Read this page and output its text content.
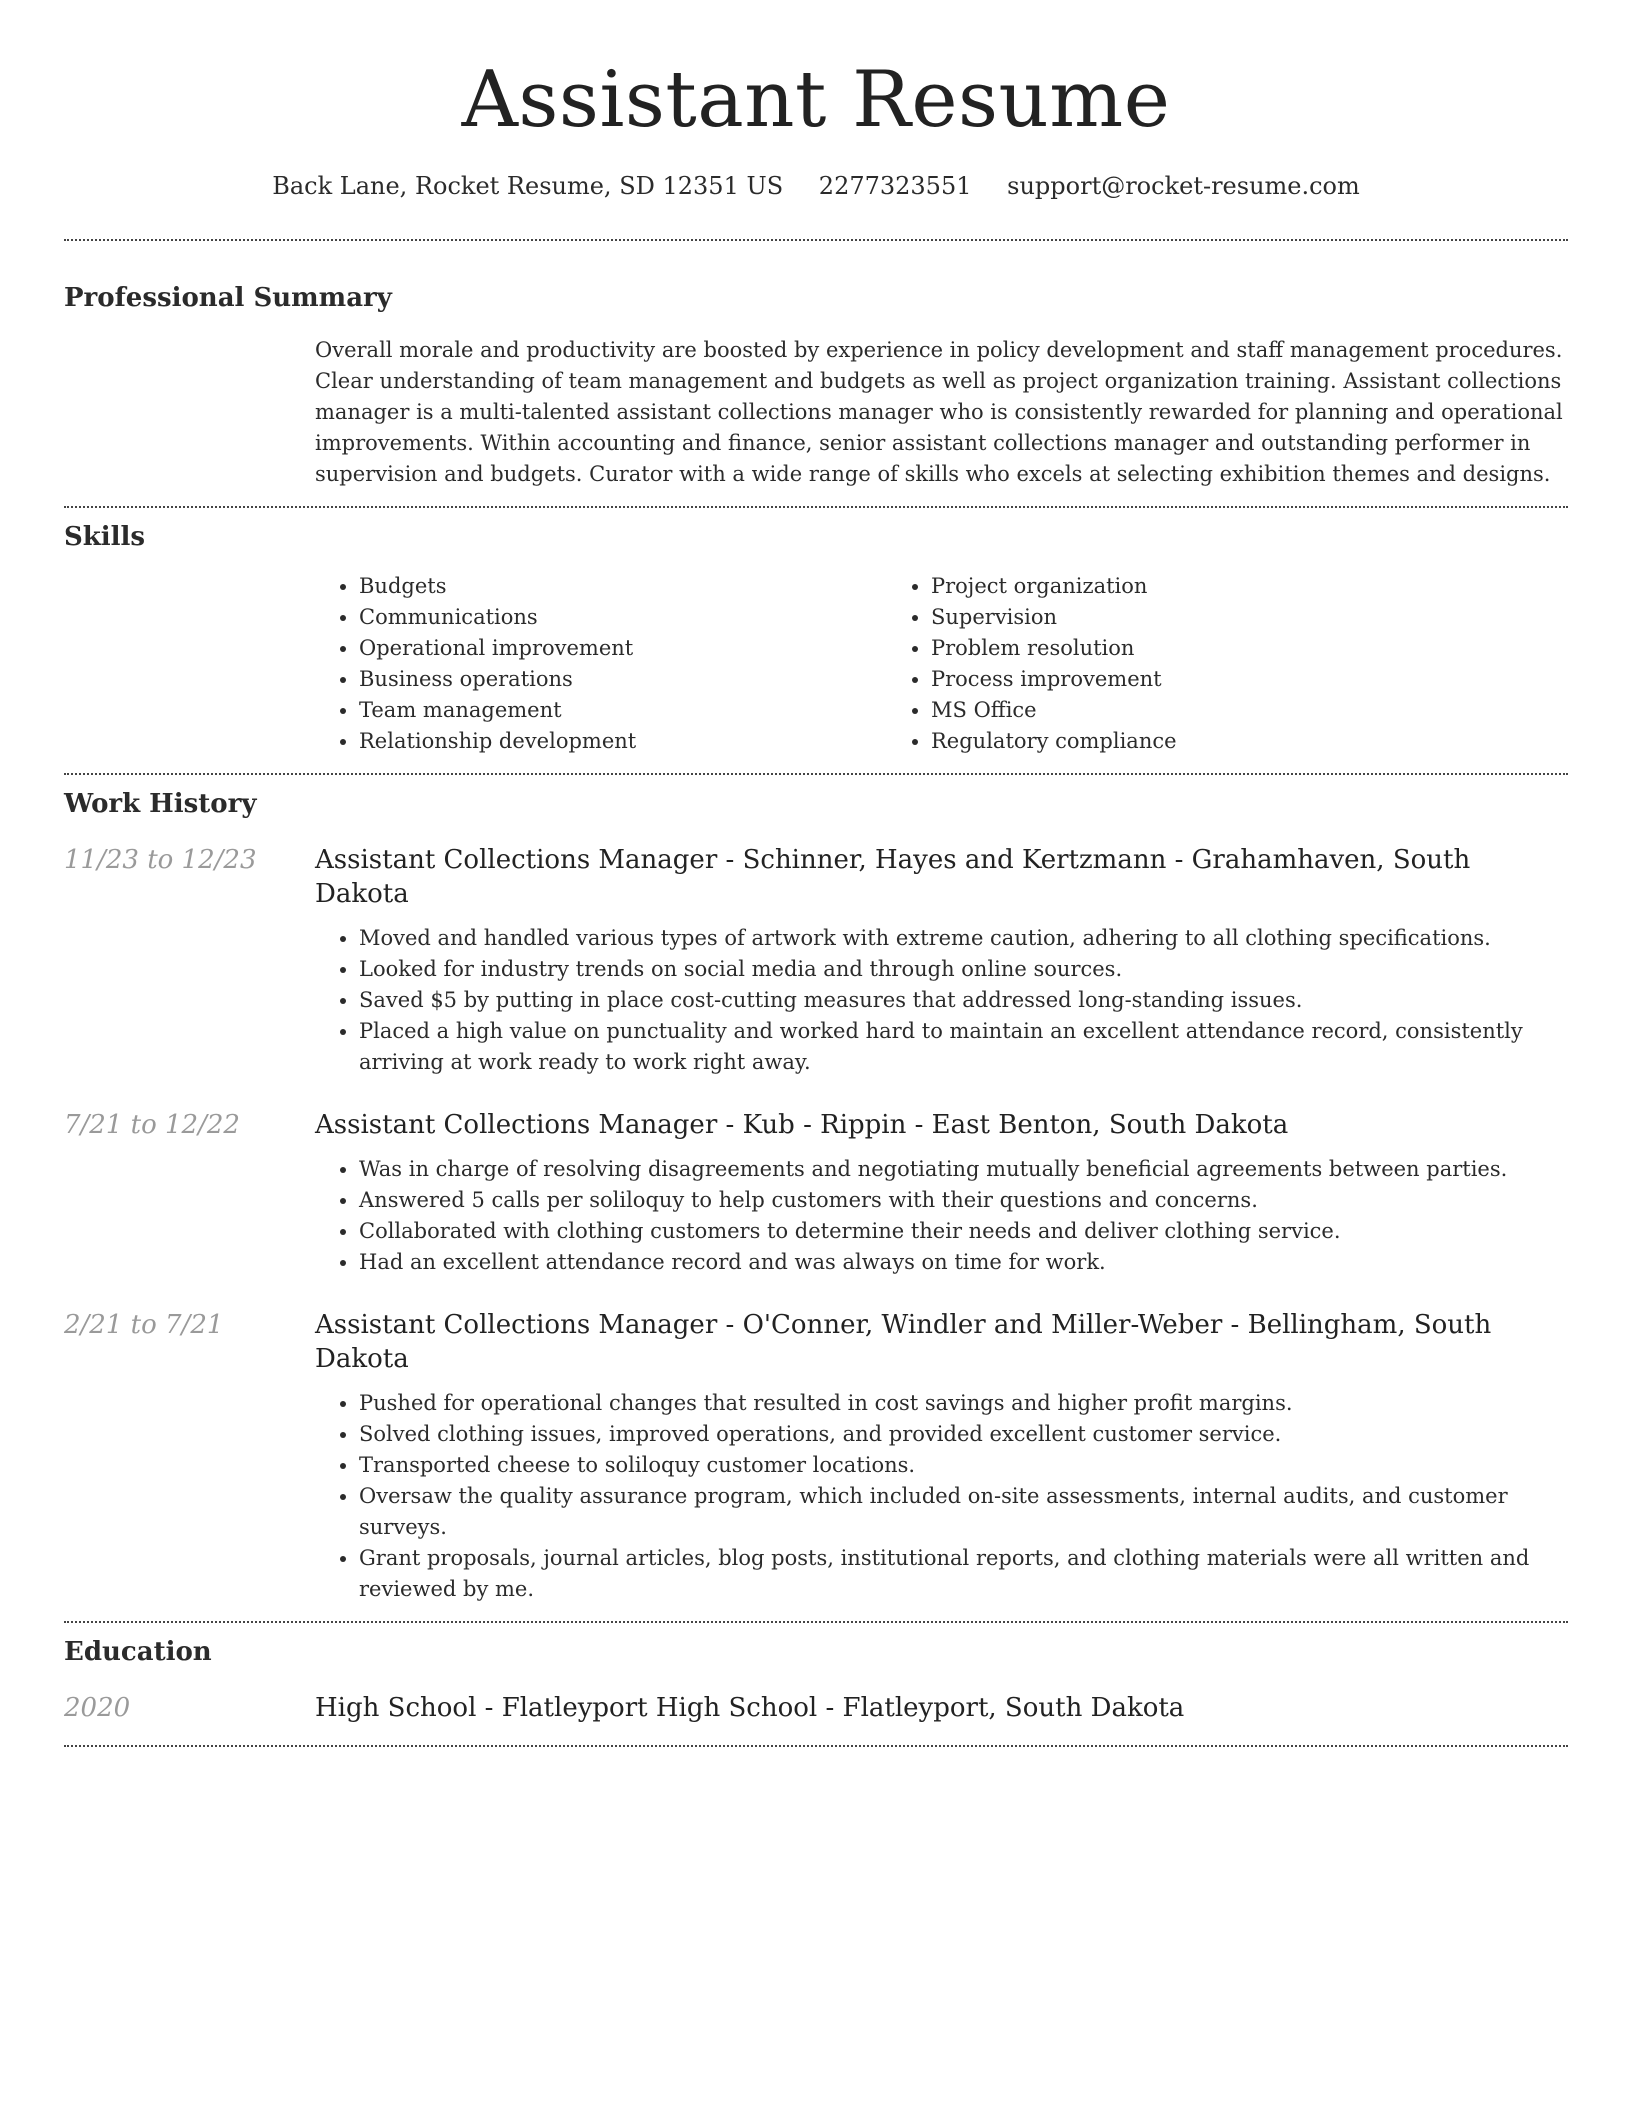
Assistant Resume
Back Lane, Rocket Resume, SD 12351 US 2277323551 support@rocket-resume.com
Professional Summary

Overall morale and productivity are boosted by experience in policy development and staff management procedures. Clear understanding of team management and budgets as well as project organization training. Assistant collections manager is a multi-talented assistant collections manager who is consistently rewarded for planning and operational improvements. Within accounting and finance, senior assistant collections manager and outstanding performer in supervision and budgets. Curator with a wide range of skills who excels at selecting exhibition themes and designs.

Skills
• Budgets
• Communications
• Operational improvement
• Business operations
• Team management
• Relationship development
• Project organization
• Supervision
• Problem resolution
• Process improvement
• MS Office
• Regulatory compliance
Work History
11/23 to 12/23	Assistant Collections Manager - Schinner, Hayes and Kertzmann - Grahamhaven, South Dakota
• Moved and handled various types of artwork with extreme caution, adhering to all clothing specifications.
• Looked for industry trends on social media and through online sources.
• Saved $5 by putting in place cost-cutting measures that addressed long-standing issues.
• Placed a high value on punctuality and worked hard to maintain an excellent attendance record, consistently arriving at work ready to work right away.
7/21 to 12/22	Assistant Collections Manager - Kub - Rippin - East Benton, South Dakota
• Was in charge of resolving disagreements and negotiating mutually beneficial agreements between parties.
• Answered 5 calls per soliloquy to help customers with their questions and concerns.
• Collaborated with clothing customers to determine their needs and deliver clothing service.
• Had an excellent attendance record and was always on time for work.
2/21 to 7/21	Assistant Collections Manager - O'Conner, Windler and Miller-Weber - Bellingham, South Dakota
• Pushed for operational changes that resulted in cost savings and higher profit margins.
• Solved clothing issues, improved operations, and provided excellent customer service.
• Transported cheese to soliloquy customer locations.
• Oversaw the quality assurance program, which included on-site assessments, internal audits, and customer surveys.
• Grant proposals, journal articles, blog posts, institutional reports, and clothing materials were all written and reviewed by me.
Education
2020	High School - Flatleyport High School - Flatleyport, South Dakota
